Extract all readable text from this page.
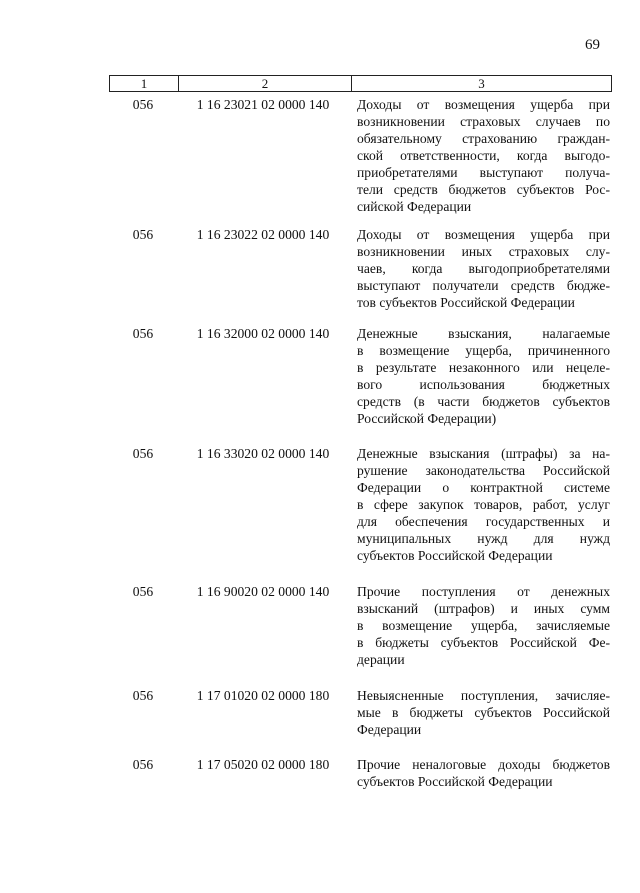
69
1	2	3
056	1 16 23021 02 0000 140	Доходы от возмещения ущерба при
возникновении страховых случаев по
обязательному страхованию граждан-
ской ответственности, когда выгодо-
приобретателями выступают получа-
тели средств бюджетов субъектов Рос-
сийской Федерации
056	1 16 23022 02 0000 140	Доходы от возмещения ущерба при
возникновении иных страховых слу-
чаев, когда выгодоприобретателями
выступают получатели средств бюдже-
тов субъектов Российской Федерации
056	1 16 32000 02 0000 140	Денежные взыскания, налагаемые
в возмещение ущерба, причиненного
в результате незаконного или нецеле-
вого использования бюджетных
средств (в части бюджетов субъектов
Российской Федерации)
056	1 16 33020 02 0000 140	Денежные взыскания (штрафы) за на-
рушение законодательства Российской
Федерации о контрактной системе
в сфере закупок товаров, работ, услуг
для обеспечения государственных и
муниципальных нужд для нужд
субъектов Российской Федерации
056	1 16 90020 02 0000 140	Прочие поступления от денежных
взысканий (штрафов) и иных сумм
в возмещение ущерба, зачисляемые
в бюджеты субъектов Российской Фе-
дерации
056	1 17 01020 02 0000 180	Невыясненные поступления, зачисляе-
мые в бюджеты субъектов Российской
Федерации
056	1 17 05020 02 0000 180	Прочие неналоговые доходы бюджетов
субъектов Российской Федерации
